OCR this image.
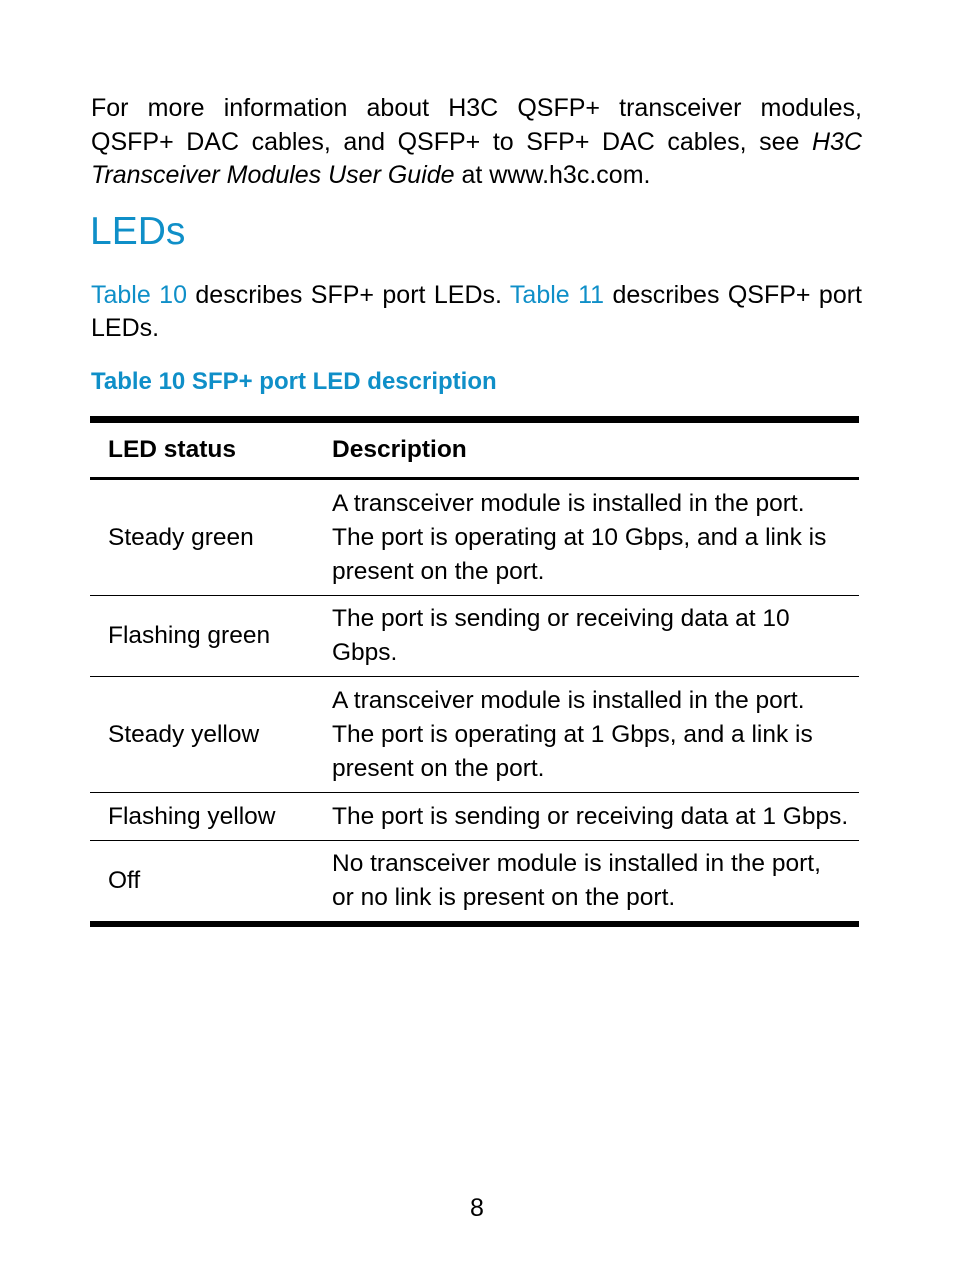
For more information about H3C QSFP+ transceiver modules, QSFP+ DAC cables, and QSFP+ to SFP+ DAC cables, see H3C Transceiver Modules User Guide at www.h3c.com.

LEDs

Table 10 describes SFP+ port LEDs. Table 11 describes QSFP+ port LEDs.

Table 10 SFP+ port LED description

LED status	Description
Steady green	A transceiver module is installed in the port. The port is operating at 10 Gbps, and a link is present on the port.
Flashing green	The port is sending or receiving data at 10 Gbps.
Steady yellow	A transceiver module is installed in the port. The port is operating at 1 Gbps, and a link is present on the port.
Flashing yellow	The port is sending or receiving data at 1 Gbps.
Off	No transceiver module is installed in the port, or no link is present on the port.
8
